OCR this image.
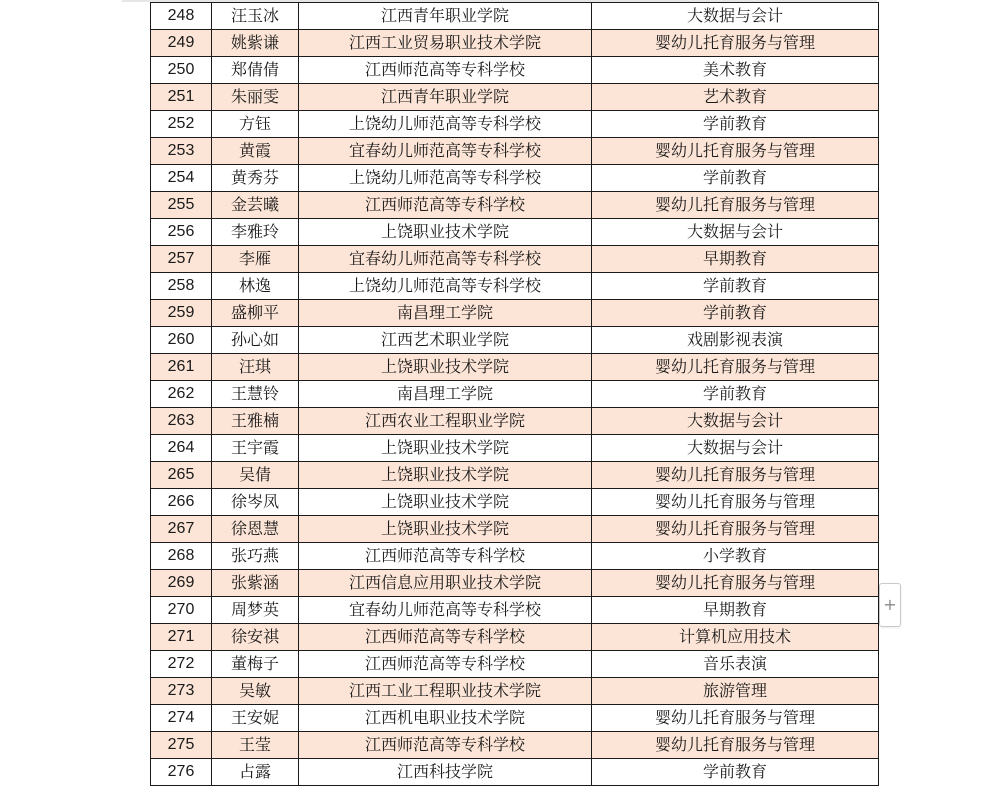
248	汪玉冰	江西青年职业学院	大数据与会计
249	姚紫谦	江西工业贸易职业技术学院	婴幼儿托育服务与管理
250	郑倩倩	江西师范高等专科学校	美术教育
251	朱丽雯	江西青年职业学院	艺术教育
252	方钰	上饶幼儿师范高等专科学校	学前教育
253	黄霞	宜春幼儿师范高等专科学校	婴幼儿托育服务与管理
254	黄秀芬	上饶幼儿师范高等专科学校	学前教育
255	金芸曦	江西师范高等专科学校	婴幼儿托育服务与管理
256	李雅玲	上饶职业技术学院	大数据与会计
257	李雁	宜春幼儿师范高等专科学校	早期教育
258	林逸	上饶幼儿师范高等专科学校	学前教育
259	盛柳平	南昌理工学院	学前教育
260	孙心如	江西艺术职业学院	戏剧影视表演
261	汪琪	上饶职业技术学院	婴幼儿托育服务与管理
262	王慧铃	南昌理工学院	学前教育
263	王雅楠	江西农业工程职业学院	大数据与会计
264	王宇霞	上饶职业技术学院	大数据与会计
265	吴倩	上饶职业技术学院	婴幼儿托育服务与管理
266	徐岑凤	上饶职业技术学院	婴幼儿托育服务与管理
267	徐恩慧	上饶职业技术学院	婴幼儿托育服务与管理
268	张巧燕	江西师范高等专科学校	小学教育
269	张紫涵	江西信息应用职业技术学院	婴幼儿托育服务与管理
270	周梦英	宜春幼儿师范高等专科学校	早期教育
271	徐安祺	江西师范高等专科学校	计算机应用技术
272	董梅子	江西师范高等专科学校	音乐表演
273	吴敏	江西工业工程职业技术学院	旅游管理
274	王安妮	江西机电职业技术学院	婴幼儿托育服务与管理
275	王莹	江西师范高等专科学校	婴幼儿托育服务与管理
276	占露	江西科技学院	学前教育
+
